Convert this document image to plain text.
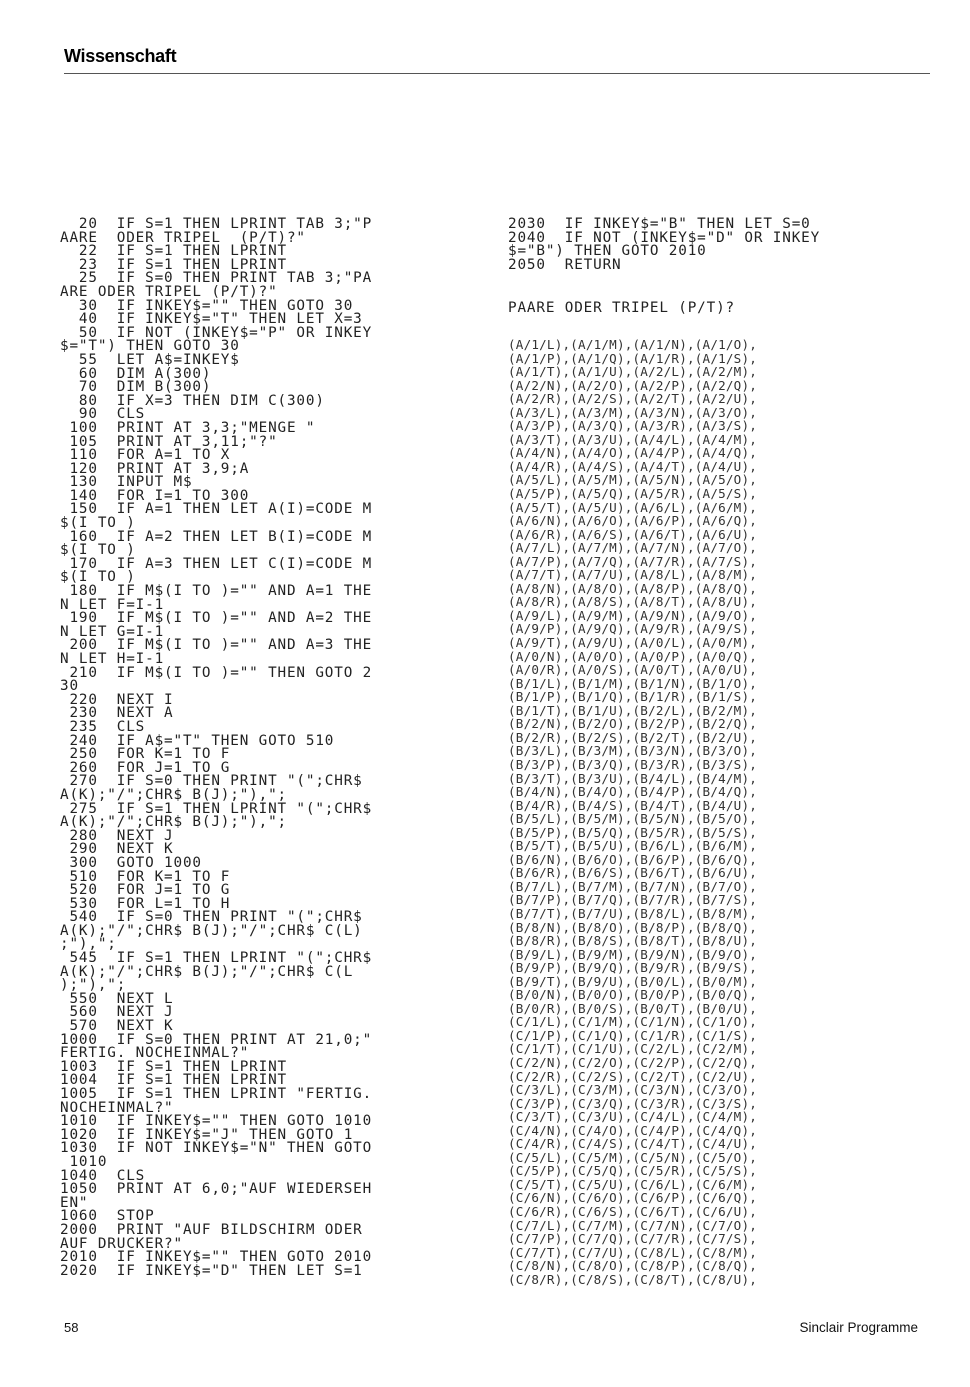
Wissenschaft
20  IF S=1 THEN LPRINT TAB 3;"P
AARE  ODER TRIPEL  (P/T)?"
22  IF S=1 THEN LPRINT
23  IF S=1 THEN LPRINT
25  IF S=0 THEN PRINT TAB 3;"PA
ARE ODER TRIPEL (P/T)?"
30  IF INKEY$="" THEN GOTO 30
40  IF INKEY$="T" THEN LET X=3
50  IF NOT (INKEY$="P" OR INKEY
$="T") THEN GOTO 30
55  LET A$=INKEY$
60  DIM A(300)
70  DIM B(300)
80  IF X=3 THEN DIM C(300)
90  CLS
100  PRINT AT 3,3;"MENGE "
105  PRINT AT 3,11;"?"
110  FOR A=1 TO X
120  PRINT AT 3,9;A
130  INPUT M$
140  FOR I=1 TO 300
150  IF A=1 THEN LET A(I)=CODE M
$(I TO )
160  IF A=2 THEN LET B(I)=CODE M
$(I TO )
170  IF A=3 THEN LET C(I)=CODE M
$(I TO )
180  IF M$(I TO )="" AND A=1 THE
N LET F=I-1
190  IF M$(I TO )="" AND A=2 THE
N LET G=I-1
200  IF M$(I TO )="" AND A=3 THE
N LET H=I-1
210  IF M$(I TO )="" THEN GOTO 2
30
220  NEXT I
230  NEXT A
235  CLS
240  IF A$="T" THEN GOTO 510
250  FOR K=1 TO F
260  FOR J=1 TO G
270  IF S=0 THEN PRINT "(";CHR$
A(K);"/";CHR$ B(J);"),";
275  IF S=1 THEN LPRINT "(";CHR$
A(K);"/";CHR$ B(J);"),";
280  NEXT J
290  NEXT K
300  GOTO 1000
510  FOR K=1 TO F
520  FOR J=1 TO G
530  FOR L=1 TO H
540  IF S=0 THEN PRINT "(";CHR$
A(K);"/";CHR$ B(J);"/";CHR$ C(L)
;"),";
545  IF S=1 THEN LPRINT "(";CHR$
A(K);"/";CHR$ B(J);"/";CHR$ C(L
);"),";
550  NEXT L
560  NEXT J
570  NEXT K
1000  IF S=0 THEN PRINT AT 21,0;"
FERTIG. NOCHEINMAL?"
1003  IF S=1 THEN LPRINT
1004  IF S=1 THEN LPRINT
1005  IF S=1 THEN LPRINT "FERTIG.
NOCHEINMAL?"
1010  IF INKEY$="" THEN GOTO 1010
1020  IF INKEY$="J" THEN GOTO 1
1030  IF NOT INKEY$="N" THEN GOTO
1010
1040  CLS
1050  PRINT AT 6,0;"AUF WIEDERSEH
EN"
1060  STOP
2000  PRINT "AUF BILDSCHIRM ODER
AUF DRUCKER?"
2010  IF INKEY$="" THEN GOTO 2010
2020  IF INKEY$="D" THEN LET S=1
2030  IF INKEY$="B" THEN LET S=0
2040  IF NOT (INKEY$="D" OR INKEY
$="B") THEN GOTO 2010
2050  RETURN
PAARE ODER TRIPEL (P/T)?
(A/1/L),(A/1/M),(A/1/N),(A/1/O),
(A/1/P),(A/1/Q),(A/1/R),(A/1/S),
(A/1/T),(A/1/U),(A/2/L),(A/2/M),
(A/2/N),(A/2/O),(A/2/P),(A/2/Q),
(A/2/R),(A/2/S),(A/2/T),(A/2/U),
(A/3/L),(A/3/M),(A/3/N),(A/3/O),
(A/3/P),(A/3/Q),(A/3/R),(A/3/S),
(A/3/T),(A/3/U),(A/4/L),(A/4/M),
(A/4/N),(A/4/O),(A/4/P),(A/4/Q),
(A/4/R),(A/4/S),(A/4/T),(A/4/U),
(A/5/L),(A/5/M),(A/5/N),(A/5/O),
(A/5/P),(A/5/Q),(A/5/R),(A/5/S),
(A/5/T),(A/5/U),(A/6/L),(A/6/M),
(A/6/N),(A/6/O),(A/6/P),(A/6/Q),
(A/6/R),(A/6/S),(A/6/T),(A/6/U),
(A/7/L),(A/7/M),(A/7/N),(A/7/O),
(A/7/P),(A/7/Q),(A/7/R),(A/7/S),
(A/7/T),(A/7/U),(A/8/L),(A/8/M),
(A/8/N),(A/8/O),(A/8/P),(A/8/Q),
(A/8/R),(A/8/S),(A/8/T),(A/8/U),
(A/9/L),(A/9/M),(A/9/N),(A/9/O),
(A/9/P),(A/9/Q),(A/9/R),(A/9/S),
(A/9/T),(A/9/U),(A/0/L),(A/0/M),
(A/0/N),(A/0/O),(A/0/P),(A/0/Q),
(A/0/R),(A/0/S),(A/0/T),(A/0/U),
(B/1/L),(B/1/M),(B/1/N),(B/1/O),
(B/1/P),(B/1/Q),(B/1/R),(B/1/S),
(B/1/T),(B/1/U),(B/2/L),(B/2/M),
(B/2/N),(B/2/O),(B/2/P),(B/2/Q),
(B/2/R),(B/2/S),(B/2/T),(B/2/U),
(B/3/L),(B/3/M),(B/3/N),(B/3/O),
(B/3/P),(B/3/Q),(B/3/R),(B/3/S),
(B/3/T),(B/3/U),(B/4/L),(B/4/M),
(B/4/N),(B/4/O),(B/4/P),(B/4/Q),
(B/4/R),(B/4/S),(B/4/T),(B/4/U),
(B/5/L),(B/5/M),(B/5/N),(B/5/O),
(B/5/P),(B/5/Q),(B/5/R),(B/5/S),
(B/5/T),(B/5/U),(B/6/L),(B/6/M),
(B/6/N),(B/6/O),(B/6/P),(B/6/Q),
(B/6/R),(B/6/S),(B/6/T),(B/6/U),
(B/7/L),(B/7/M),(B/7/N),(B/7/O),
(B/7/P),(B/7/Q),(B/7/R),(B/7/S),
(B/7/T),(B/7/U),(B/8/L),(B/8/M),
(B/8/N),(B/8/O),(B/8/P),(B/8/Q),
(B/8/R),(B/8/S),(B/8/T),(B/8/U),
(B/9/L),(B/9/M),(B/9/N),(B/9/O),
(B/9/P),(B/9/Q),(B/9/R),(B/9/S),
(B/9/T),(B/9/U),(B/0/L),(B/0/M),
(B/0/N),(B/0/O),(B/0/P),(B/0/Q),
(B/0/R),(B/0/S),(B/0/T),(B/0/U),
(C/1/L),(C/1/M),(C/1/N),(C/1/O),
(C/1/P),(C/1/Q),(C/1/R),(C/1/S),
(C/1/T),(C/1/U),(C/2/L),(C/2/M),
(C/2/N),(C/2/O),(C/2/P),(C/2/Q),
(C/2/R),(C/2/S),(C/2/T),(C/2/U),
(C/3/L),(C/3/M),(C/3/N),(C/3/O),
(C/3/P),(C/3/Q),(C/3/R),(C/3/S),
(C/3/T),(C/3/U),(C/4/L),(C/4/M),
(C/4/N),(C/4/O),(C/4/P),(C/4/Q),
(C/4/R),(C/4/S),(C/4/T),(C/4/U),
(C/5/L),(C/5/M),(C/5/N),(C/5/O),
(C/5/P),(C/5/Q),(C/5/R),(C/5/S),
(C/5/T),(C/5/U),(C/6/L),(C/6/M),
(C/6/N),(C/6/O),(C/6/P),(C/6/Q),
(C/6/R),(C/6/S),(C/6/T),(C/6/U),
(C/7/L),(C/7/M),(C/7/N),(C/7/O),
(C/7/P),(C/7/Q),(C/7/R),(C/7/S),
(C/7/T),(C/7/U),(C/8/L),(C/8/M),
(C/8/N),(C/8/O),(C/8/P),(C/8/Q),
(C/8/R),(C/8/S),(C/8/T),(C/8/U),
58	Sinclair Programme
